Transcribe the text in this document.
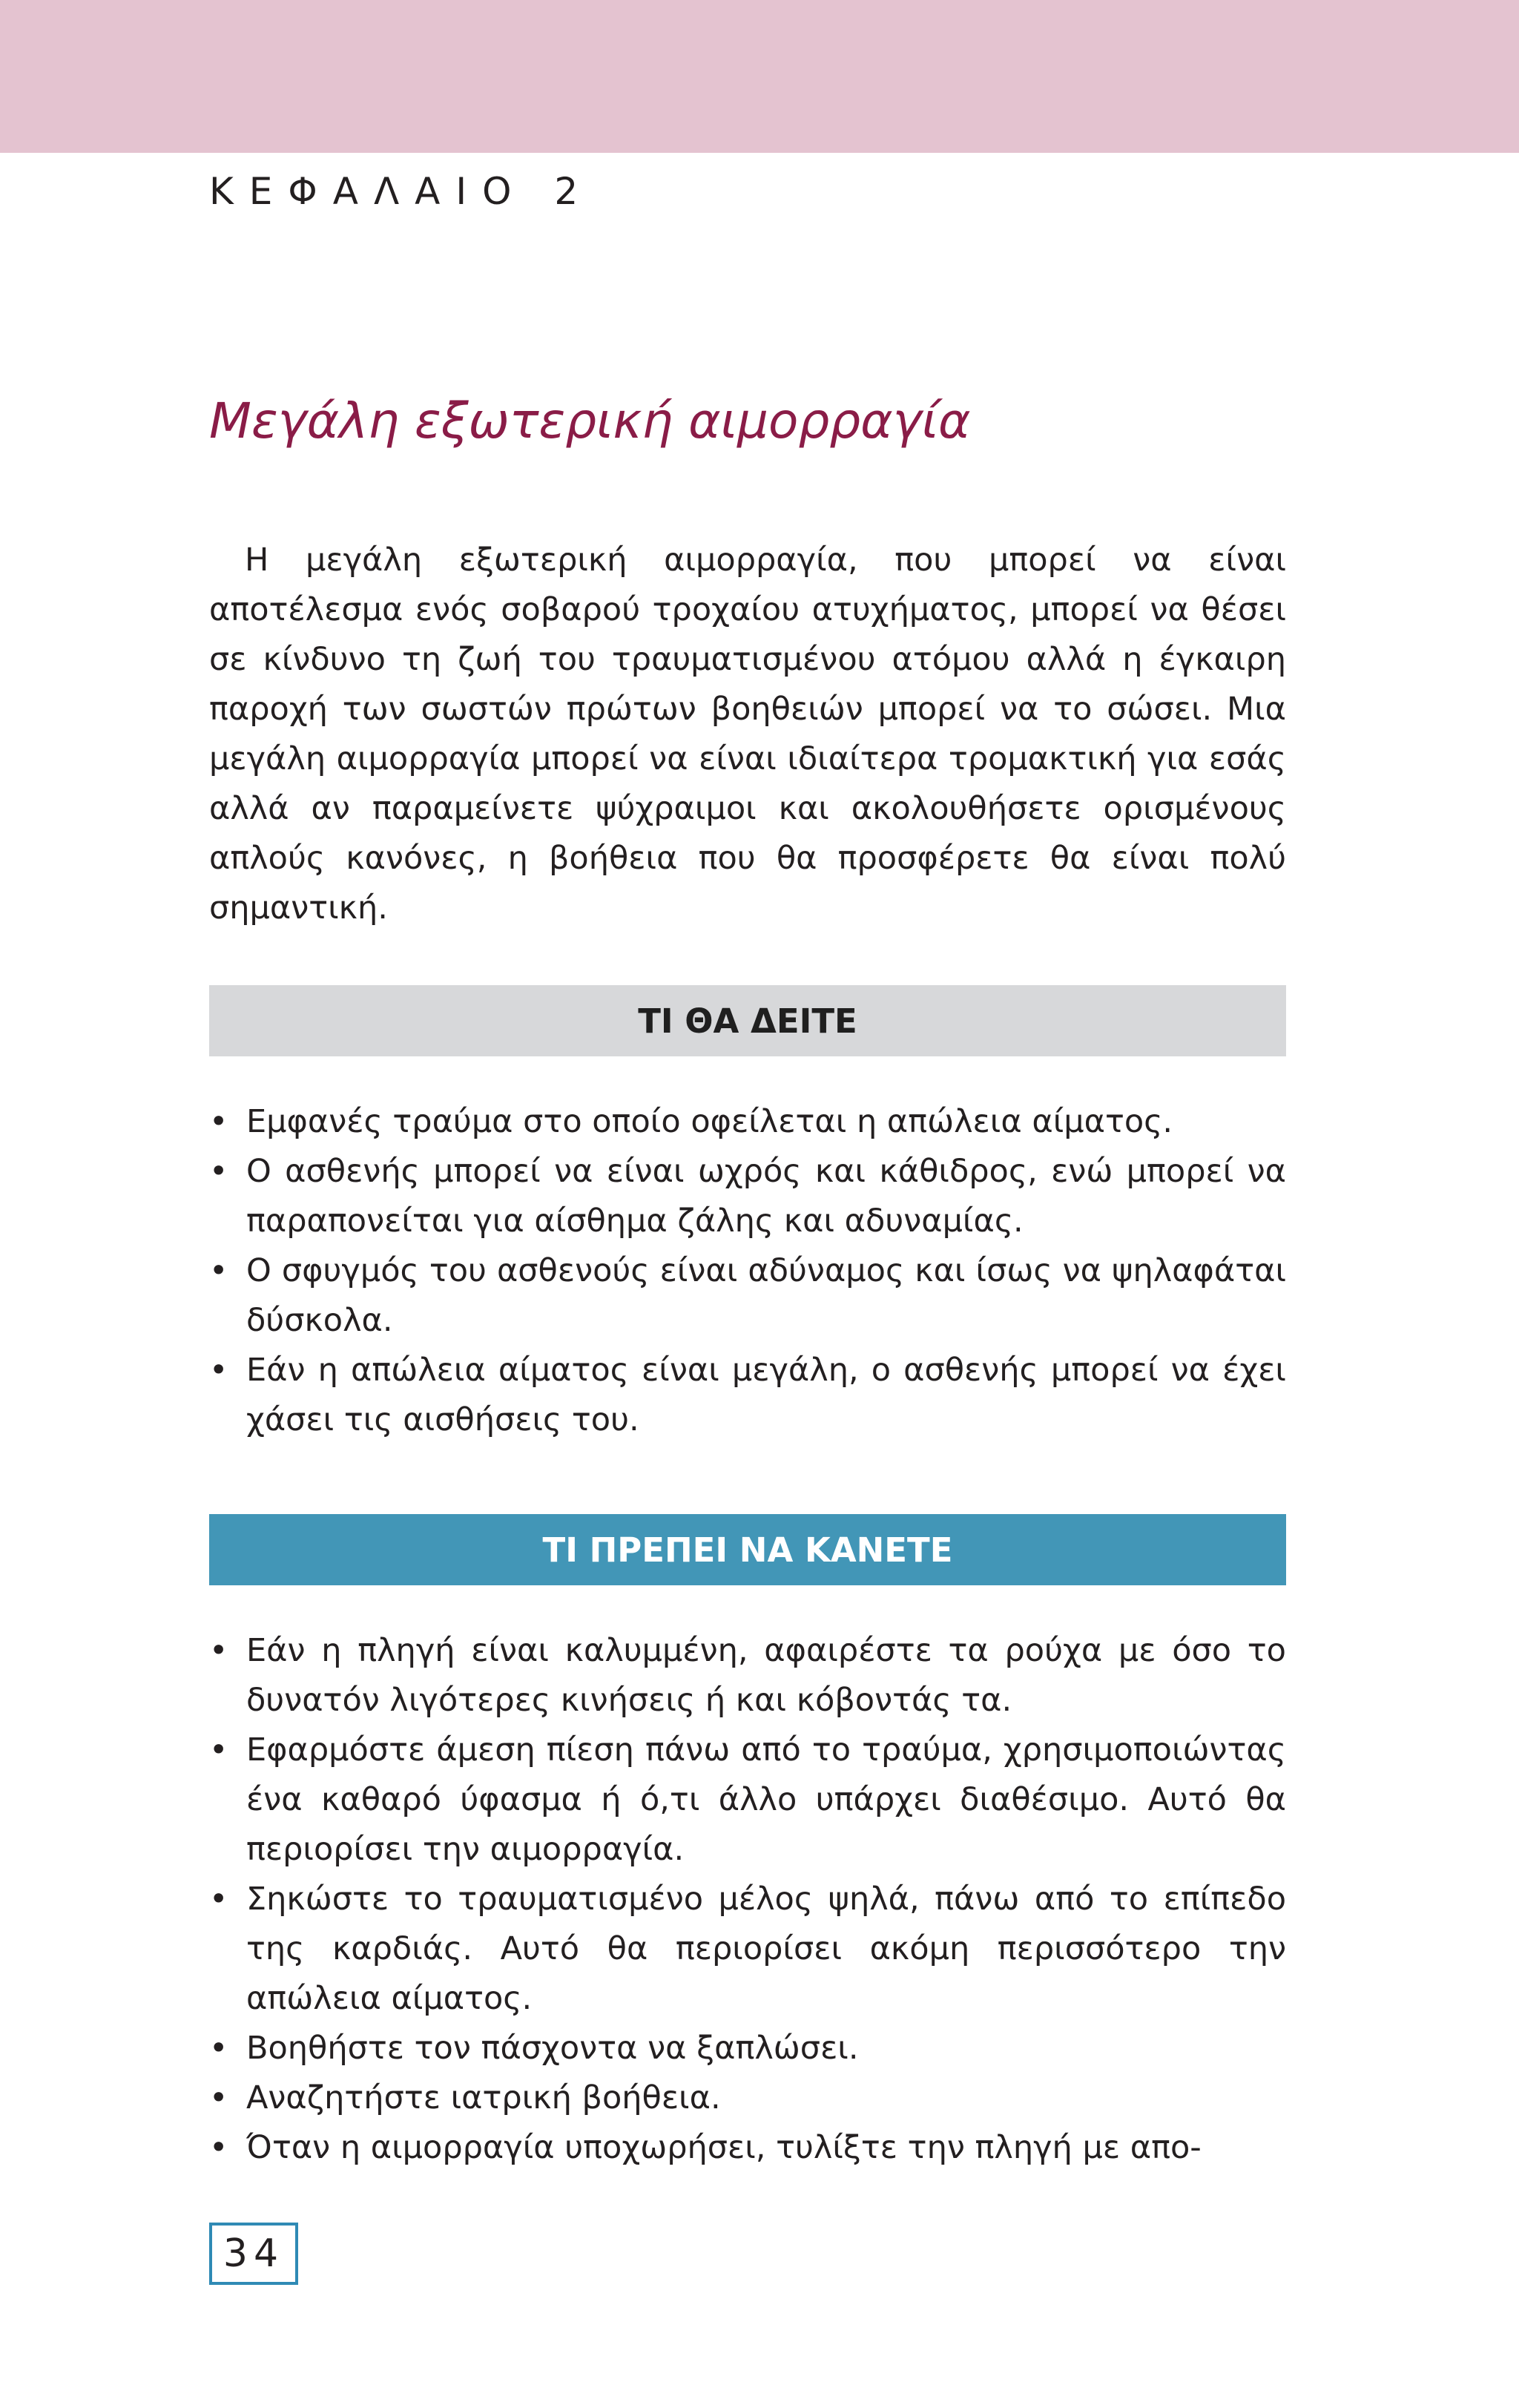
ΚΕΦΑΛΑΙΟ 2
Μεγάλη εξωτερική αιμορραγία

Η μεγάλη εξωτερική αιμορραγία, που μπορεί να είναι αποτέλεσμα ενός σοβαρού τροχαίου ατυχήματος, μπορεί να θέσει σε κίνδυνο τη ζωή του τραυματισμένου ατόμου αλλά η έγκαιρη παροχή των σωστών πρώτων βοηθειών μπορεί να το σώσει. Μια μεγάλη αιμορραγία μπορεί να είναι ιδιαίτερα τρομακτική για εσάς αλλά αν παραμείνετε ψύχραιμοι και ακολουθήσετε ορισμένους απλούς κανόνες, η βοήθεια που θα προσφέρετε θα είναι πολύ σημαντική.

ΤΙ ΘΑ ΔΕΙΤΕ
• Εμφανές τραύμα στο οποίο οφείλεται η απώλεια αίματος.
• Ο ασθενής μπορεί να είναι ωχρός και κάθιδρος, ενώ μπορεί να παραπονείται για αίσθημα ζάλης και αδυναμίας.
• Ο σφυγμός του ασθενούς είναι αδύναμος και ίσως να ψηλαφάται δύσκολα.
• Εάν η απώλεια αίματος είναι μεγάλη, ο ασθενής μπορεί να έχει χάσει τις αισθήσεις του.
ΤΙ ΠΡΕΠΕΙ ΝΑ ΚΑΝΕΤΕ
• Εάν η πληγή είναι καλυμμένη, αφαιρέστε τα ρούχα με όσο το δυνατόν λιγότερες κινήσεις ή και κόβοντάς τα.
• Εφαρμόστε άμεση πίεση πάνω από το τραύμα, χρησιμοποιώντας ένα καθαρό ύφασμα ή ό,τι άλλο υπάρχει διαθέσιμο. Αυτό θα περιορίσει την αιμορραγία.
• Σηκώστε το τραυματισμένο μέλος ψηλά, πάνω από το επίπεδο της καρδιάς. Αυτό θα περιορίσει ακόμη περισσότερο την απώλεια αίματος.
• Βοηθήστε τον πάσχοντα να ξαπλώσει.
• Αναζητήστε ιατρική βοήθεια.
• Όταν η αιμορραγία υποχωρήσει, τυλίξτε την πληγή με απο-
34
